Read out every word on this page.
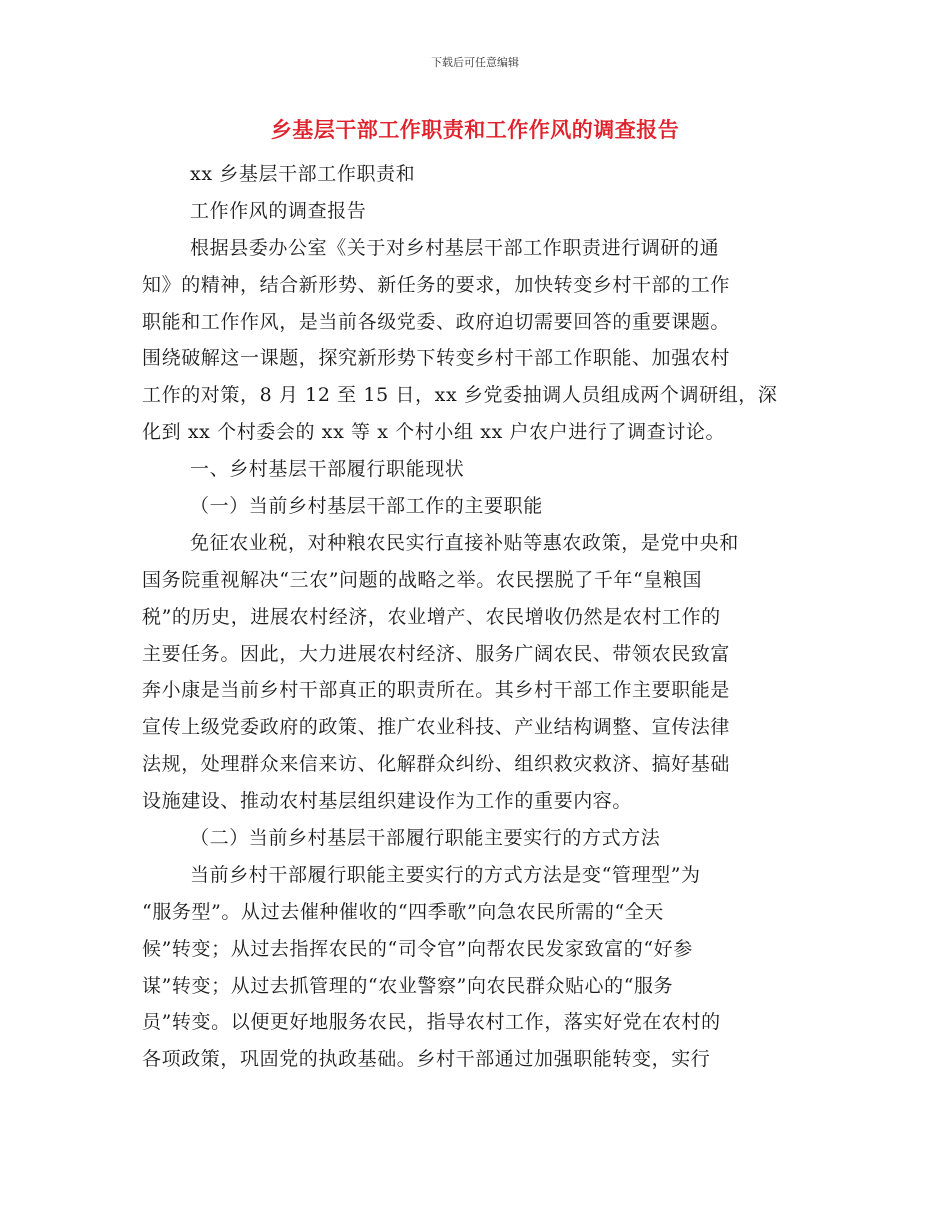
下载后可任意编辑
乡基层干部工作职责和工作作风的调查报告
xx 乡基层干部工作职责和
工作作风的调查报告
根据县委办公室《关于对乡村基层干部工作职责进行调研的通
知》的精神，结合新形势、新任务的要求，加快转变乡村干部的工作
职能和工作作风，是当前各级党委、政府迫切需要回答的重要课题。
围绕破解这一课题，探究新形势下转变乡村干部工作职能、加强农村
工作的对策，8 月 12 至 15 日，xx 乡党委抽调人员组成两个调研组，深
化到 xx 个村委会的 xx 等 x 个村小组 xx 户农户进行了调查讨论。
一、乡村基层干部履行职能现状
（一）当前乡村基层干部工作的主要职能
免征农业税，对种粮农民实行直接补贴等惠农政策，是党中央和
国务院重视解决“三农”问题的战略之举。农民摆脱了千年“皇粮国
税”的历史，进展农村经济，农业增产、农民增收仍然是农村工作的
主要任务。因此，大力进展农村经济、服务广阔农民、带领农民致富
奔小康是当前乡村干部真正的职责所在。其乡村干部工作主要职能是
宣传上级党委政府的政策、推广农业科技、产业结构调整、宣传法律
法规，处理群众来信来访、化解群众纠纷、组织救灾救济、搞好基础
设施建设、推动农村基层组织建设作为工作的重要内容。
（二）当前乡村基层干部履行职能主要实行的方式方法
当前乡村干部履行职能主要实行的方式方法是变“管理型”为
“服务型”。从过去催种催收的“四季歌”向急农民所需的“全天
候”转变；从过去指挥农民的“司令官”向帮农民发家致富的“好参
谋”转变；从过去抓管理的“农业警察”向农民群众贴心的“服务
员”转变。以便更好地服务农民，指导农村工作，落实好党在农村的
各项政策，巩固党的执政基础。乡村干部通过加强职能转变，实行
